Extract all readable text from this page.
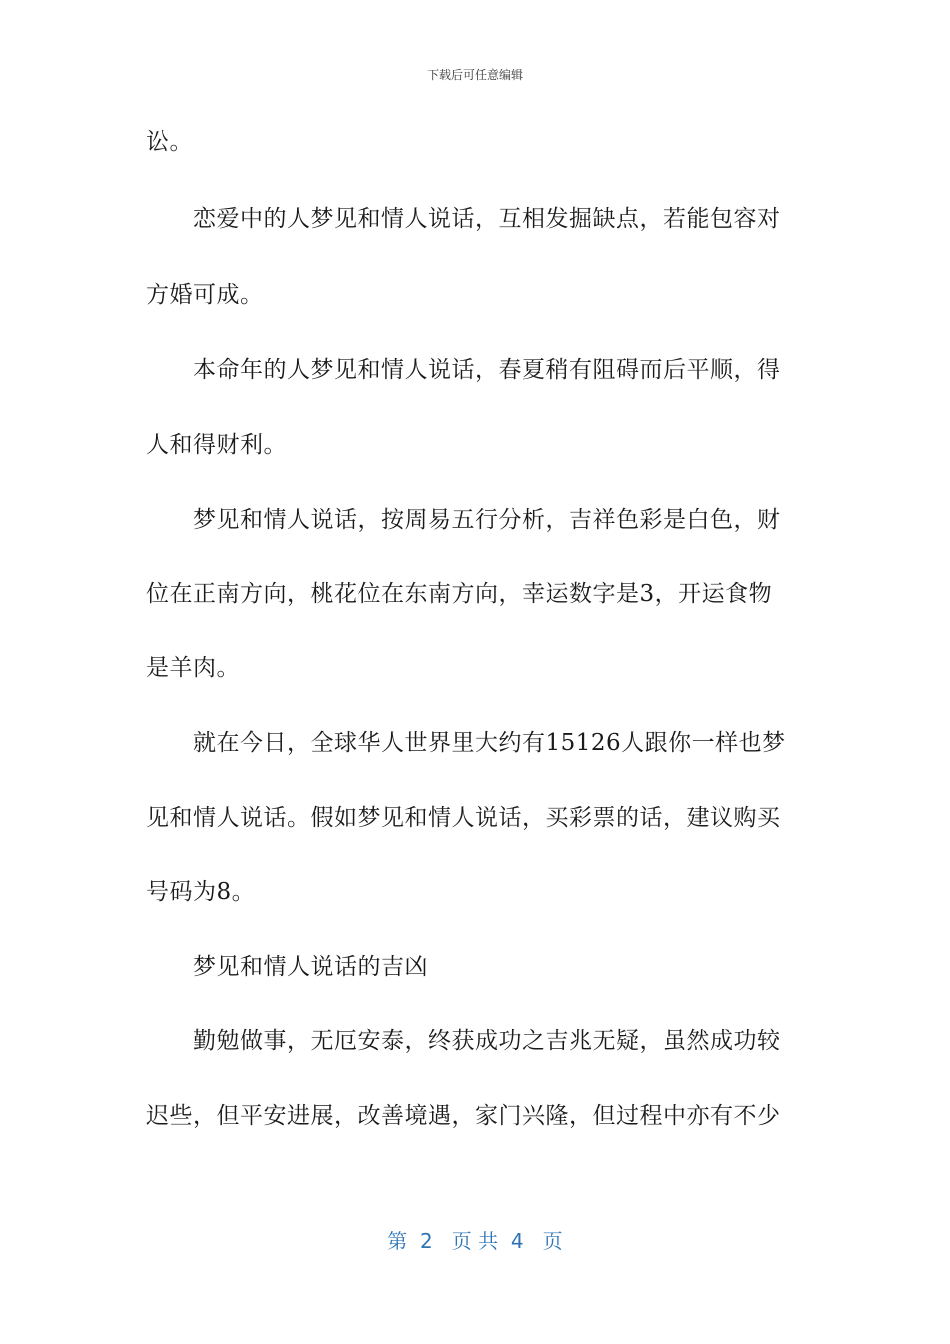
下载后可任意编辑
讼。
　　恋爱中的人梦见和情人说话，互相发掘缺点，若能包容对
方婚可成。
　　本命年的人梦见和情人说话，春夏稍有阻碍而后平顺，得
人和得财利。
　　梦见和情人说话，按周易五行分析，吉祥色彩是白色，财
位在正南方向，桃花位在东南方向，幸运数字是3，开运食物
是羊肉。
　　就在今日，全球华人世界里大约有15126人跟你一样也梦
见和情人说话。假如梦见和情人说话，买彩票的话，建议购买
号码为8。
　　梦见和情人说话的吉凶
　　勤勉做事，无厄安泰，终获成功之吉兆无疑，虽然成功较
迟些，但平安进展，改善境遇，家门兴隆，但过程中亦有不少
第  2   页 共  4   页
